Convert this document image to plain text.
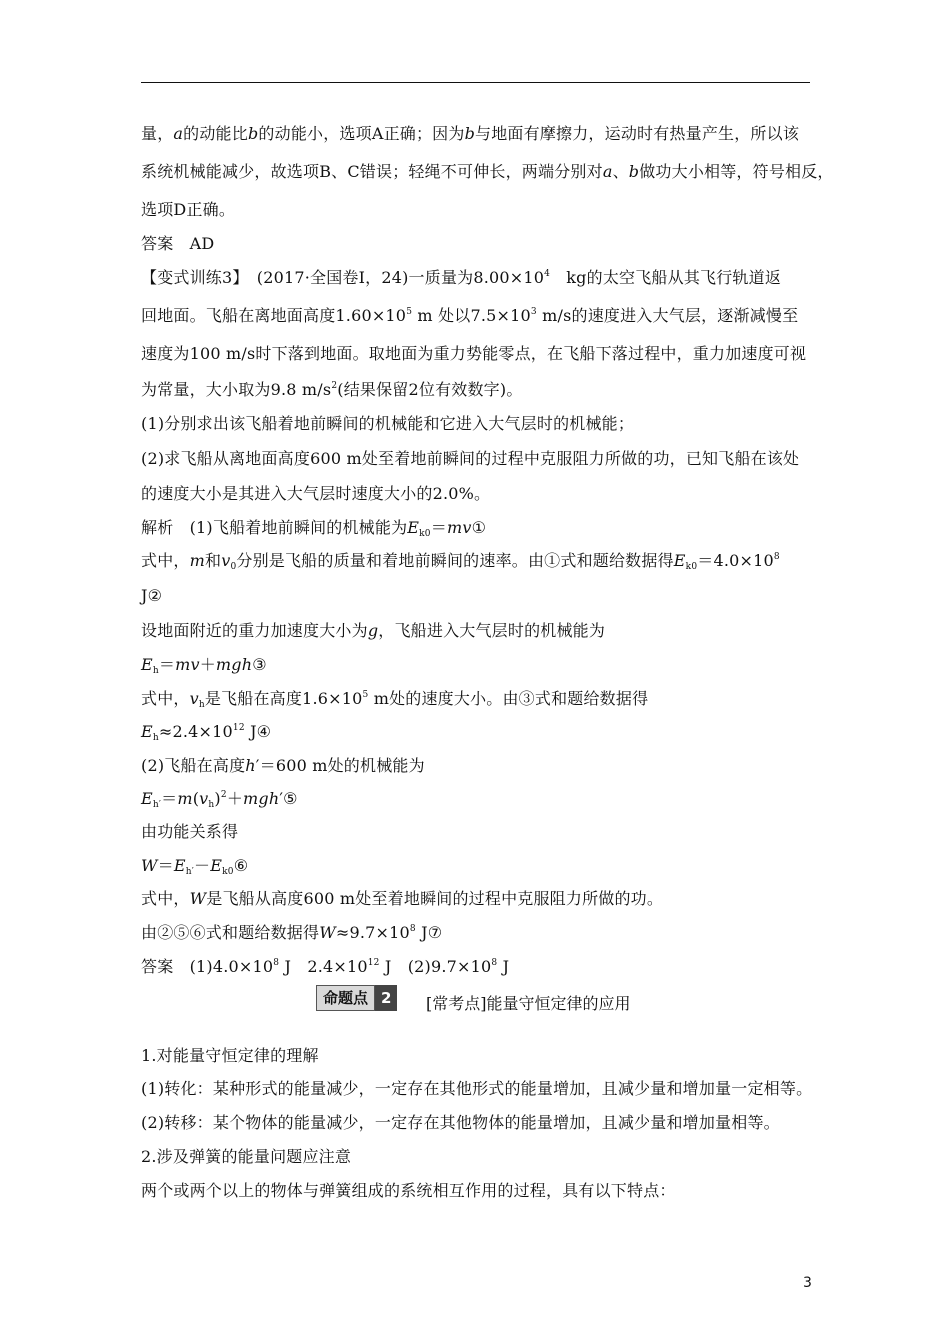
量，a的动能比b的动能小，选项A正确；因为b与地面有摩擦力，运动时有热量产生，所以该
系统机械能减少，故选项B、C错误；轻绳不可伸长，两端分别对a、b做功大小相等，符号相反，
选项D正确。
答案　AD
【变式训练3】　(2017·全国卷Ⅰ，24)一质量为$8.00\times 10^4$　kg的太空飞船从其飞行轨道返
回地面。飞船在离地面高度$1.60\times 10^5$ m 处以$7.5\times 10^3$ m/s的速度进入大气层，逐渐减慢至
速度为100 m/s时下落到地面。取地面为重力势能零点，在飞船下落过程中，重力加速度可视
为常量，大小取为9.8 $m/s^2$(结果保留2位有效数字)。
(1)分别求出该飞船着地前瞬间的机械能和它进入大气层时的机械能；
(2)求飞船从离地面高度600 m处至着地前瞬间的过程中克服阻力所做的功，已知飞船在该处
的速度大小是其进入大气层时速度大小的2.0%。
解析　(1)飞船着地前瞬间的机械能为$E_{k0}=mv①$
式中，m和$v_0$分别是飞船的质量和着地前瞬间的速率。由①式和题给数据得$E_{k0}=4.0\times 10^8$
J②
设地面附近的重力加速度大小为g，飞船进入大气层时的机械能为
$E_h=mv+mgh③$
式中，$v_h$是飞船在高度$1.6\times 10^5$ m处的速度大小。由③式和题给数据得
$E_h\approx 2.4\times 10^{12}$ J④
(2)飞船在高度h′＝600 m处的机械能为
$E_{h'}=m(v_h)^2+mgh'⑤$
由功能关系得
$W=E_{h'}-E_{k0}⑥$
式中，W是飞船从高度600 m处至着地瞬间的过程中克服阻力所做的功。
由②⑤⑥式和题给数据得$W\approx 9.7\times 10^8$ J⑦
答案　$(1)4.0\times 10^8$ J　$2.4\times 10^{12}$ J　$(2)9.7\times 10^8$ J
命题点 2	[常考点]能量守恒定律的应用
1.对能量守恒定律的理解
(1)转化：某种形式的能量减少，一定存在其他形式的能量增加，且减少量和增加量一定相等。
(2)转移：某个物体的能量减少，一定存在其他物体的能量增加，且减少量和增加量相等。
2.涉及弹簧的能量问题应注意
两个或两个以上的物体与弹簧组成的系统相互作用的过程，具有以下特点：
3
